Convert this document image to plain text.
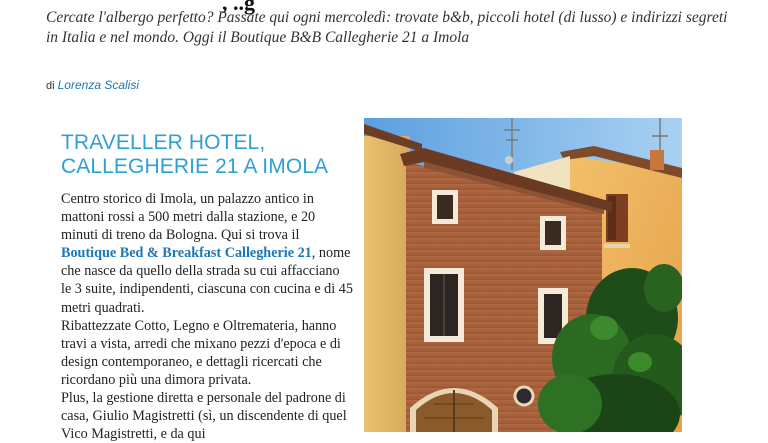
, ..g
Cercate l'albergo perfetto? Passate qui ogni mercoledì: trovate b&b, piccoli hotel (di lusso) e indirizzi segreti in Italia e nel mondo. Oggi il Boutique B&B Callegherie 21 a Imola
di Lorenza Scalisi
TRAVELLER HOTEL,
CALLEGHERIE 21 A IMOLA
Centro storico di Imola, un palazzo antico in mattoni rossi a 500 metri dalla stazione, e 20 minuti di treno da Bologna. Qui si trova il Boutique Bed & Breakfast Callegherie 21, nome che nasce da quello della strada su cui affacciano le 3 suite, indipendenti, ciascuna con cucina e di 45 metri quadrati.
Ribattezzate Cotto, Legno e Oltremateria, hanno travi a vista, arredi che mixano pezzi d'epoca e di design contemporaneo, e dettagli ricercati che ricordano più una dimora privata.
Plus, la gestione diretta e personale del padrone di casa, Giulio Magistretti (sì, un discendente di quel Vico Magistretti, e da qui
